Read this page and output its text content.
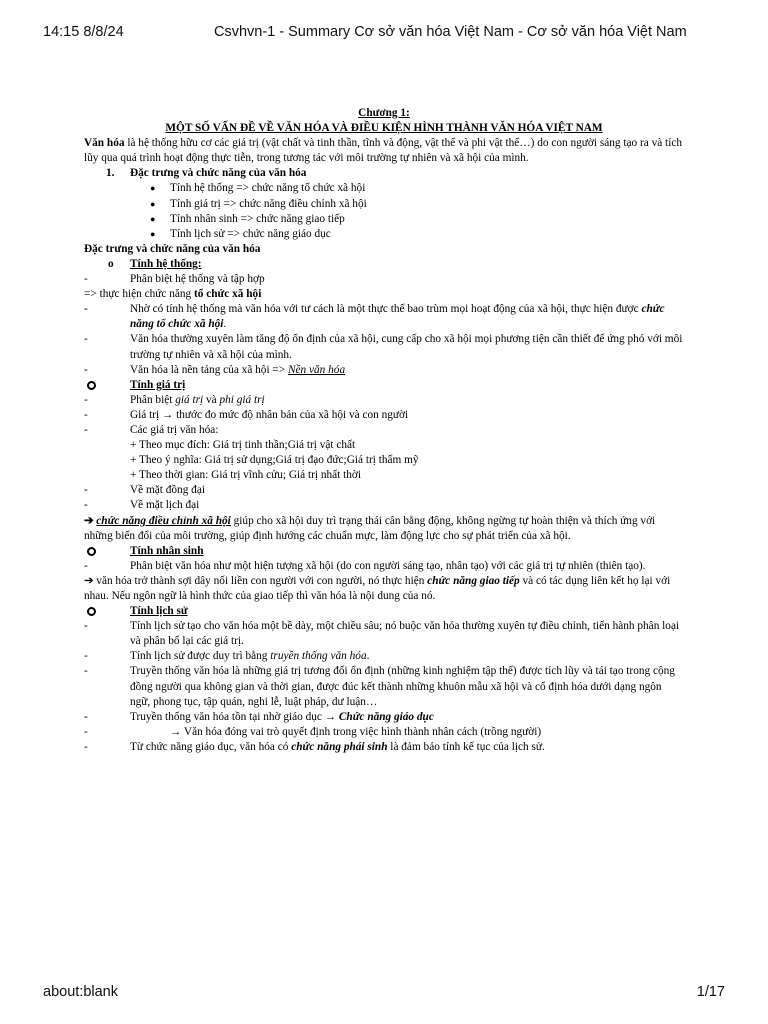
14:15 8/8/24	Csvhvn-1 - Summary Cơ sở văn hóa Việt Nam - Cơ sở văn hóa Việt Nam

Chương 1:

MỘT SỐ VẤN ĐỀ VỀ VĂN HÓA VÀ ĐIỀU KIỆN HÌNH THÀNH VĂN HÓA VIỆT NAM

Văn hóa là hệ thống hữu cơ các giá trị (vật chất và tinh thần, tĩnh và động, vật thể và phi vật thể…) do con người sáng tạo ra và tích lũy qua quá trình hoạt động thực tiễn, trong tương tác với môi trường tự nhiên và xã hội của mình.

1. Đặc trưng và chức năng của văn hóa

● Tính hệ thống => chức năng tổ chức xã hội

● Tính giá trị => chức năng điều chỉnh xã hội

● Tính nhân sinh => chức năng giao tiếp

● Tính lịch sử => chức năng giáo dục

Đặc trưng và chức năng của văn hóa

o Tính hệ thống:

-	Phân biệt hệ thống và tập hợp

=> thực hiện chức năng tổ chức xã hội

-	Nhờ có tính hệ thống mà văn hóa với tư cách là một thực thể bao trùm mọi hoạt động của xã hội, thực hiện được chức năng tổ chức xã hội.

-	Văn hóa thường xuyên làm tăng độ ổn định của xã hội, cung cấp cho xã hội mọi phương tiện cần thiết để ứng phó với môi trường tự nhiên và xã hội của mình.

-	Văn hóa là nền tảng của xã hội => Nền văn hóa

Tính giá trị

-	Phân biệt giá trị và phi giá trị

-	Giá trị → thước đo mức độ nhân bản của xã hội và con người

-	Các giá trị văn hóa:

+ Theo mục đích: Giá trị tinh thần;Giá trị vật chất

+ Theo ý nghĩa: Giá trị sử dụng;Giá trị đạo đức;Giá trị thẩm mỹ

+ Theo thời gian: Giá trị vĩnh cửu; Giá trị nhất thời

-	Về mặt đồng đại

-	Về mặt lịch đại

➔ chức năng điều chỉnh xã hội giúp cho xã hội duy trì trạng thái cân bằng động, không ngừng tự hoàn thiện và thích ứng với những biến đổi của môi trường, giúp định hướng các chuẩn mực, làm động lực cho sự phát triển của xã hội.

Tính nhân sinh

-	Phân biệt văn hóa như một hiện tượng xã hội (do con người sáng tạo, nhân tạo) với các giá trị tự nhiên (thiên tạo).

➔ văn hóa trở thành sợi dây nối liền con người với con người, nó thực hiện chức năng giao tiếp và có tác dụng liên kết họ lại với nhau. Nếu ngôn ngữ là hình thức của giao tiếp thì văn hóa là nội dung của nó.

Tính lịch sử

-	Tính lịch sử tạo cho văn hóa một bề dày, một chiều sâu; nó buộc văn hóa thường xuyên tự điều chỉnh, tiến hành phân loại và phân bố lại các giá trị.

-	Tính lịch sử được duy trì bằng truyền thống văn hóa.

-	Truyền thống văn hóa là những giá trị tương đối ổn định (những kinh nghiệm tập thể) được tích lũy và tái tạo trong cộng đồng người qua không gian và thời gian, được đúc kết thành những khuôn mẫu xã hội và cố định hóa dưới dạng ngôn ngữ, phong tục, tập quán, nghi lễ, luật pháp, dư luận…

-	Truyền thống văn hóa tồn tại nhờ giáo dục → Chức năng giáo dục

-	→ Văn hóa đóng vai trò quyết định trong việc hình thành nhân cách (trồng người)

-	Từ chức năng giáo dục, văn hóa có chức năng phái sinh là đảm bảo tính kế tục của lịch sử.

about:blank	1/17
